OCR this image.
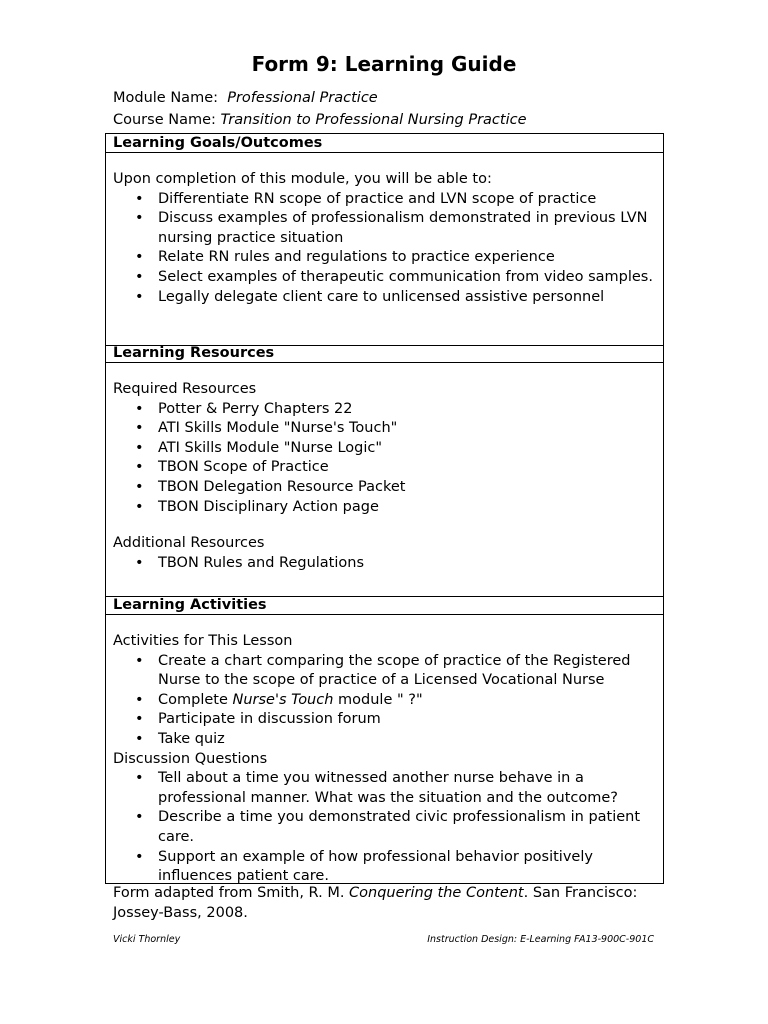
Form 9: Learning Guide
Module Name: Professional Practice
Course Name: Transition to Professional Nursing Practice
Learning Goals/Outcomes

Upon completion of this module, you will be able to:

• Differentiate RN scope of practice and LVN scope of practice
• Discuss examples of professionalism demonstrated in previous LVN nursing practice situation
• Relate RN rules and regulations to practice experience
• Select examples of therapeutic communication from video samples.
• Legally delegate client care to unlicensed assistive personnel
Learning Resources

Required Resources

• Potter & Perry Chapters 22
• ATI Skills Module "Nurse's Touch"
• ATI Skills Module "Nurse Logic"
• TBON Scope of Practice
• TBON Delegation Resource Packet
• TBON Disciplinary Action page

Additional Resources

• TBON Rules and Regulations
Learning Activities

Activities for This Lesson

• Create a chart comparing the scope of practice of the Registered Nurse to the scope of practice of a Licensed Vocational Nurse
• Complete Nurse's Touch module " ?"
• Participate in discussion forum
• Take quiz

Discussion Questions

• Tell about a time you witnessed another nurse behave in a professional manner. What was the situation and the outcome?
• Describe a time you demonstrated civic professionalism in patient care.
• Support an example of how professional behavior positively influences patient care.
Form adapted from Smith, R. M. Conquering the Content. San Francisco: Jossey-Bass, 2008.
Vicki Thornley	Instruction Design: E-Learning FA13-900C-901C
